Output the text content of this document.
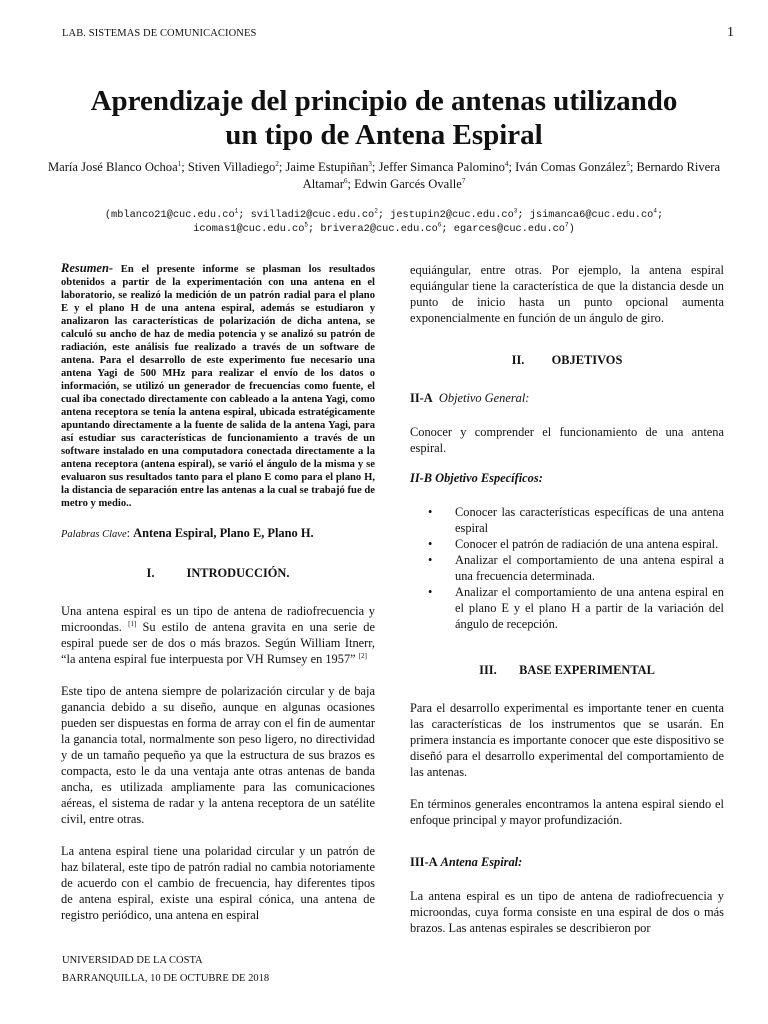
LAB. SISTEMAS DE COMUNICACIONES	1
Aprendizaje del principio de antenas utilizando
un tipo de Antena Espiral
María José Blanco Ochoa$^1$; Stiven Villadiego$^2$; Jaime Estupiñan$^3$; Jeffer Simanca Palomino$^4$; Iván Comas González$^5$; Bernardo Rivera Altamar$^6$; Edwin Garcés Ovalle$^7$
($mblanco21@cuc.edu.co^1$; $svilladi2@cuc.edu.co^2$; $jestupin2@cuc.edu.co^3$; $jsimanca6@cuc.edu.co^4$;
$icomas1@cuc.edu.co^5$; $brivera2@cuc.edu.co^6$; $egarces@cuc.edu.co^7$)

Resumen- En el presente informe se plasman los resultados obtenidos a partir de la experimentación con una antena en el laboratorio, se realizó la medición de un patrón radial para el plano E y el plano H de una antena espiral, además se estudiaron y analizaron las características de polarización de dicha antena, se calculó su ancho de haz de media potencia y se analizó su patrón de radiación, este análisis fue realizado a través de un software de antena. Para el desarrollo de este experimento fue necesario una antena Yagi de 500 MHz para realizar el envío de los datos o información, se utilizó un generador de frecuencias como fuente, el cual iba conectado directamente con cableado a la antena Yagi, como antena receptora se tenía la antena espiral, ubicada estratégicamente apuntando directamente a la fuente de salida de la antena Yagi, para así estudiar sus características de funcionamiento a través de un software instalado en una computadora conectada directamente a la antena receptora (antena espiral), se varió el ángulo de la misma y se evaluaron sus resultados tanto para el plano E como para el plano H, la distancia de separación entre las antenas a la cual se trabajó fue de metro y medio..

Palabras Clave: Antena Espiral, Plano E, Plano H.

I.	INTRODUCCIÓN.

Una antena espiral es un tipo de antena de radiofrecuencia y microondas. [1] Su estilo de antena gravita en una serie de espiral puede ser de dos o más brazos. Según William Itnerr, “la antena espiral fue interpuesta por VH Rumsey en 1957” [2]

Este tipo de antena siempre de polarización circular y de baja ganancia debido a su diseño, aunque en algunas ocasiones pueden ser dispuestas en forma de array con el fin de aumentar la ganancia total, normalmente son peso ligero, no directividad y de un tamaño pequeño ya que la estructura de sus brazos es compacta, esto le da una ventaja ante otras antenas de banda ancha, es utilizada ampliamente para las comunicaciones aéreas, el sistema de radar y la antena receptora de un satélite civil, entre otras.

La antena espiral tiene una polaridad circular y un patrón de haz bilateral, este tipo de patrón radial no cambia notoriamente de acuerdo con el cambio de frecuencia, hay diferentes tipos de antena espiral, existe una espiral cónica, una antena de registro periódico, una antena en espiral

equiángular, entre otras. Por ejemplo, la antena espiral equiángular tiene la característica de que la distancia desde un punto de inicio hasta un punto opcional aumenta exponencialmente en función de un ángulo de giro.

II. OBJETIVOS
II-A Objetivo General:

Conocer y comprender el funcionamiento de una antena espiral.

II-B Objetivo Específicos:
• Conocer las características específicas de una antena espiral
• Conocer el patrón de radiación de una antena espiral.
• Analizar el comportamiento de una antena espiral a una frecuencia determinada.
• Analizar el comportamiento de una antena espiral en el plano E y el plano H a partir de la variación del ángulo de recepción.
III. BASE EXPERIMENTAL

Para el desarrollo experimental es importante tener en cuenta las características de los instrumentos que se usarán. En primera instancia es importante conocer que este dispositivo se diseñó para el desarrollo experimental del comportamiento de las antenas.

En términos generales encontramos la antena espiral siendo el enfoque principal y mayor profundización.

III-A Antena Espiral:

La antena espiral es un tipo de antena de radiofrecuencia y microondas, cuya forma consiste en una espiral de dos o más brazos. Las antenas espirales se describieron por

UNIVERSIDAD DE LA COSTA
BARRANQUILLA, 10 DE OCTUBRE DE 2018
